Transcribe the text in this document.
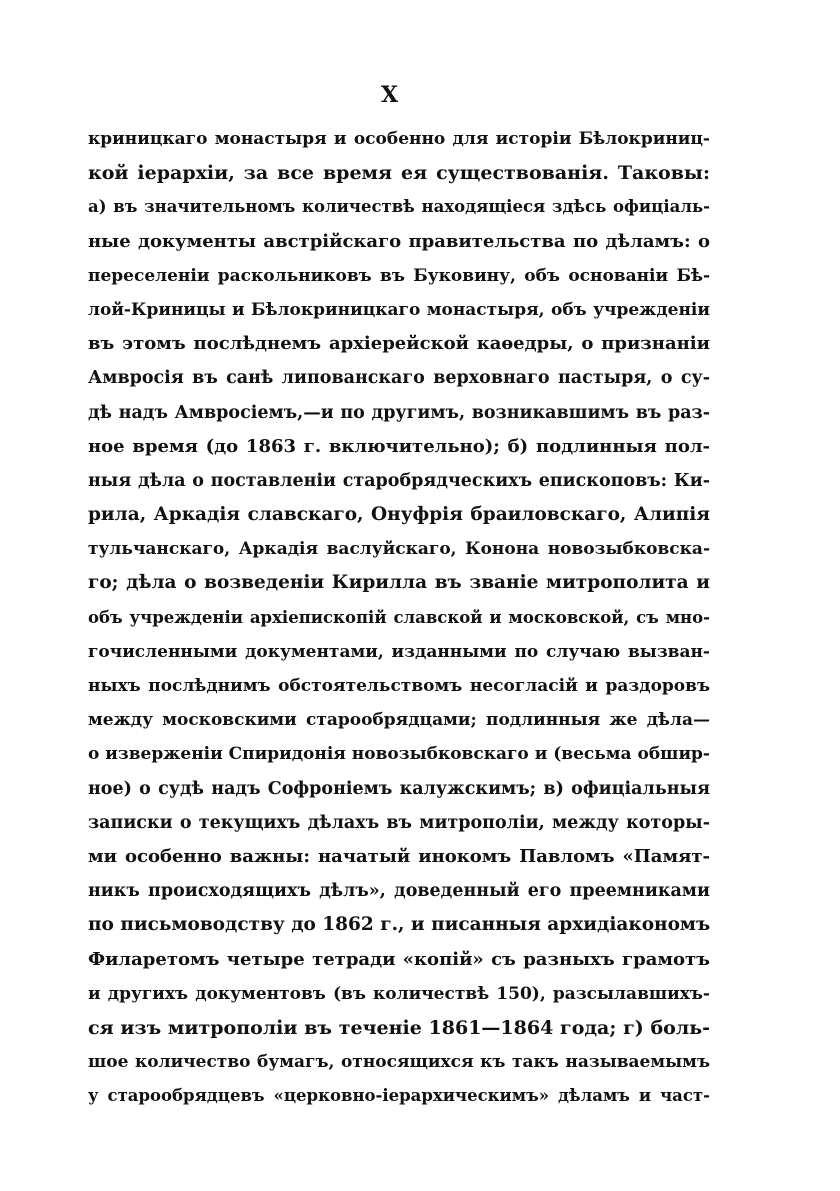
X
криницкаго монастыря и особенно для исторіи Бѣлокриниц-
кой іерархіи, за все время ея существованія. Таковы:
а) въ значительномъ количествѣ находящіеся здѣсь офиціаль-
ные документы австрійскаго правительства по дѣламъ: о
переселеніи раскольниковъ въ Буковину, объ основаніи Бѣ-
лой-Криницы и Бѣлокриницкаго монастыря, объ учрежденіи
въ этомъ послѣднемъ архіерейской каѳедры, о признаніи
Амвросія въ санѣ липованскаго верховнаго пастыря, о су-
дѣ надъ Амвросіемъ,—и по другимъ, возникавшимъ въ раз-
ное время (до 1863 г. включительно); б) подлинныя пол-
ныя дѣла о поставленіи старобрядческихъ епископовъ: Ки-
рила, Аркадія славскаго, Онуфрія браиловскаго, Алипія
тульчанскаго, Аркадія васлуйскаго, Конона новозыбковска-
го; дѣла о возведеніи Кирилла въ званіе митрополита и
объ учрежденіи архіепископій славской и московской, съ мно-
гочисленными документами, изданными по случаю вызван-
ныхъ послѣднимъ обстоятельствомъ несогласій и раздоровъ
между московскими старообрядцами; подлинныя же дѣла—
о изверженіи Спиридонія новозыбковскаго и (весьма обшир-
ное) о судѣ надъ Софроніемъ калужскимъ; в) офиціальныя
записки о текущихъ дѣлахъ въ митрополіи, между которы-
ми особенно важны: начатый инокомъ Павломъ «Памят-
никъ происходящихъ дѣлъ», доведенный его преемниками
по письмоводству до 1862 г., и писанныя архидіакономъ
Филаретомъ четыре тетради «копій» съ разныхъ грамотъ
и другихъ документовъ (въ количествѣ 150), разсылавшихъ-
ся изъ митрополіи въ теченіе 1861—1864 года; г) боль-
шое количество бумагъ, относящихся къ такъ называемымъ
у старообрядцевъ «церковно-іерархическимъ» дѣламъ и част-
